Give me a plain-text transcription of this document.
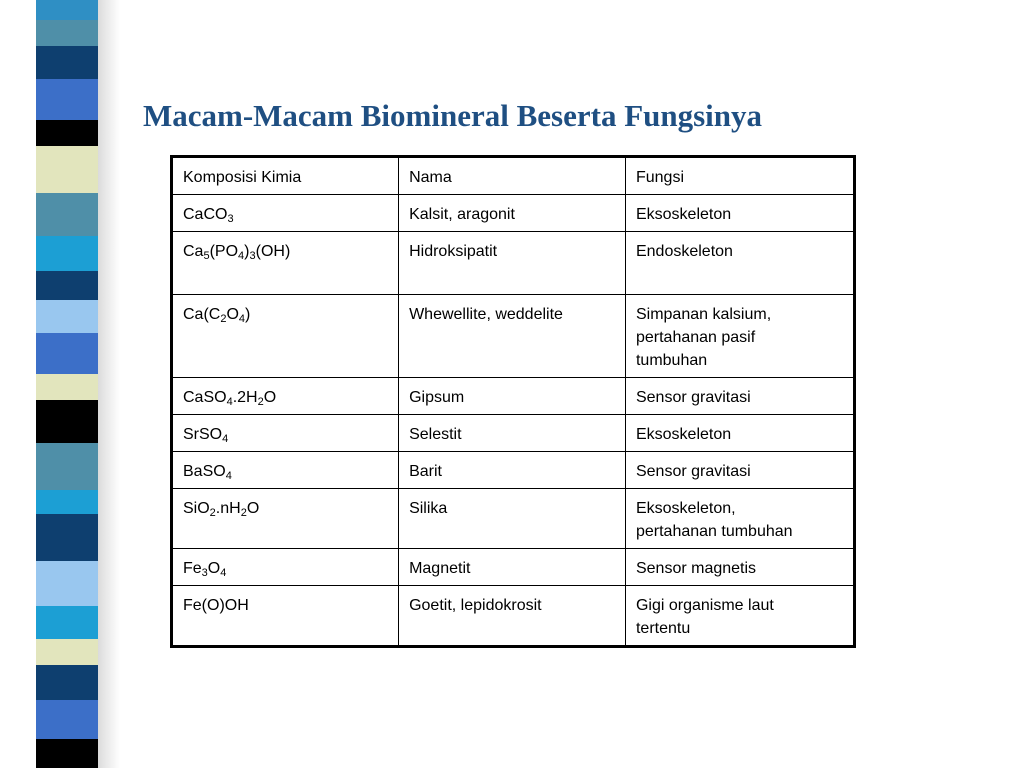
Macam-Macam Biomineral Beserta Fungsinya
Komposisi Kimia	Nama	Fungsi
CaCO$_3$	Kalsit, aragonit	Eksoskeleton

$Ca_5(PO_4)_3(OH)$	Hidroksipatit	Endoskeleton

$Ca(C_2O_4)$	Whewellite, weddelite	Simpanan kalsium,
pertahanan pasif
tumbuhan

$CaSO_4.2H_2O$	Gipsum	Sensor gravitasi

SrSO$_4$	Selestit	Eksoskeleton

BaSO$_4$	Barit	Sensor gravitasi

$SiO_2.nH_2O$	Silika	Eksoskeleton,
pertahanan tumbuhan

$Fe_3O_4$	Magnetit	Sensor magnetis

Fe(O)OH	Goetit, lepidokrosit	Gigi organisme laut
tertentu
